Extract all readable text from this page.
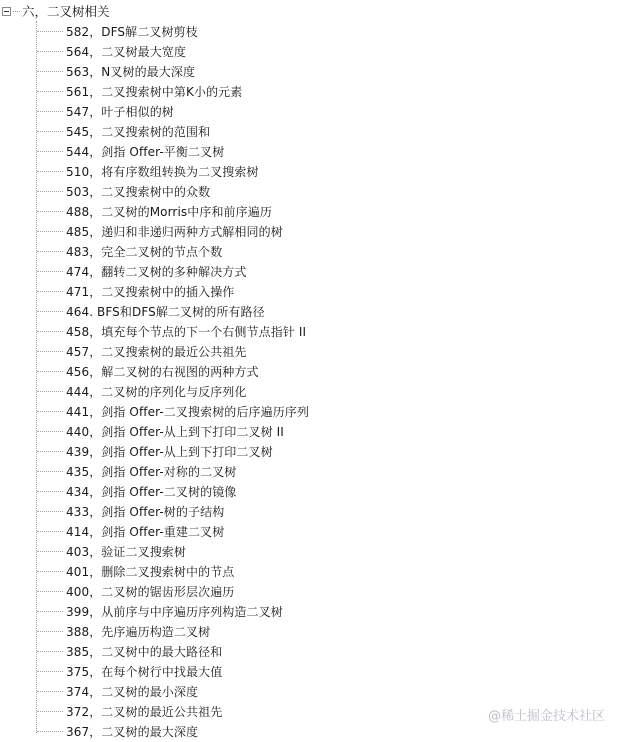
六，二叉树相关
582，DFS解二叉树剪枝
564，二叉树最大宽度
563，N叉树的最大深度
561，二叉搜索树中第K小的元素
547，叶子相似的树
545，二叉搜索树的范围和
544，剑指 Offer-平衡二叉树
510，将有序数组转换为二叉搜索树
503，二叉搜索树中的众数
488，二叉树的Morris中序和前序遍历
485，递归和非递归两种方式解相同的树
483，完全二叉树的节点个数
474，翻转二叉树的多种解决方式
471，二叉搜索树中的插入操作
464. BFS和DFS解二叉树的所有路径
458，填充每个节点的下一个右侧节点指针 II
457，二叉搜索树的最近公共祖先
456，解二叉树的右视图的两种方式
444，二叉树的序列化与反序列化
441，剑指 Offer-二叉搜索树的后序遍历序列
440，剑指 Offer-从上到下打印二叉树 II
439，剑指 Offer-从上到下打印二叉树
435，剑指 Offer-对称的二叉树
434，剑指 Offer-二叉树的镜像
433，剑指 Offer-树的子结构
414，剑指 Offer-重建二叉树
403，验证二叉搜索树
401，删除二叉搜索树中的节点
400，二叉树的锯齿形层次遍历
399，从前序与中序遍历序列构造二叉树
388，先序遍历构造二叉树
385，二叉树中的最大路径和
375，在每个树行中找最大值
374，二叉树的最小深度
372，二叉树的最近公共祖先
367，二叉树的最大深度
@稀土掘金技术社区
